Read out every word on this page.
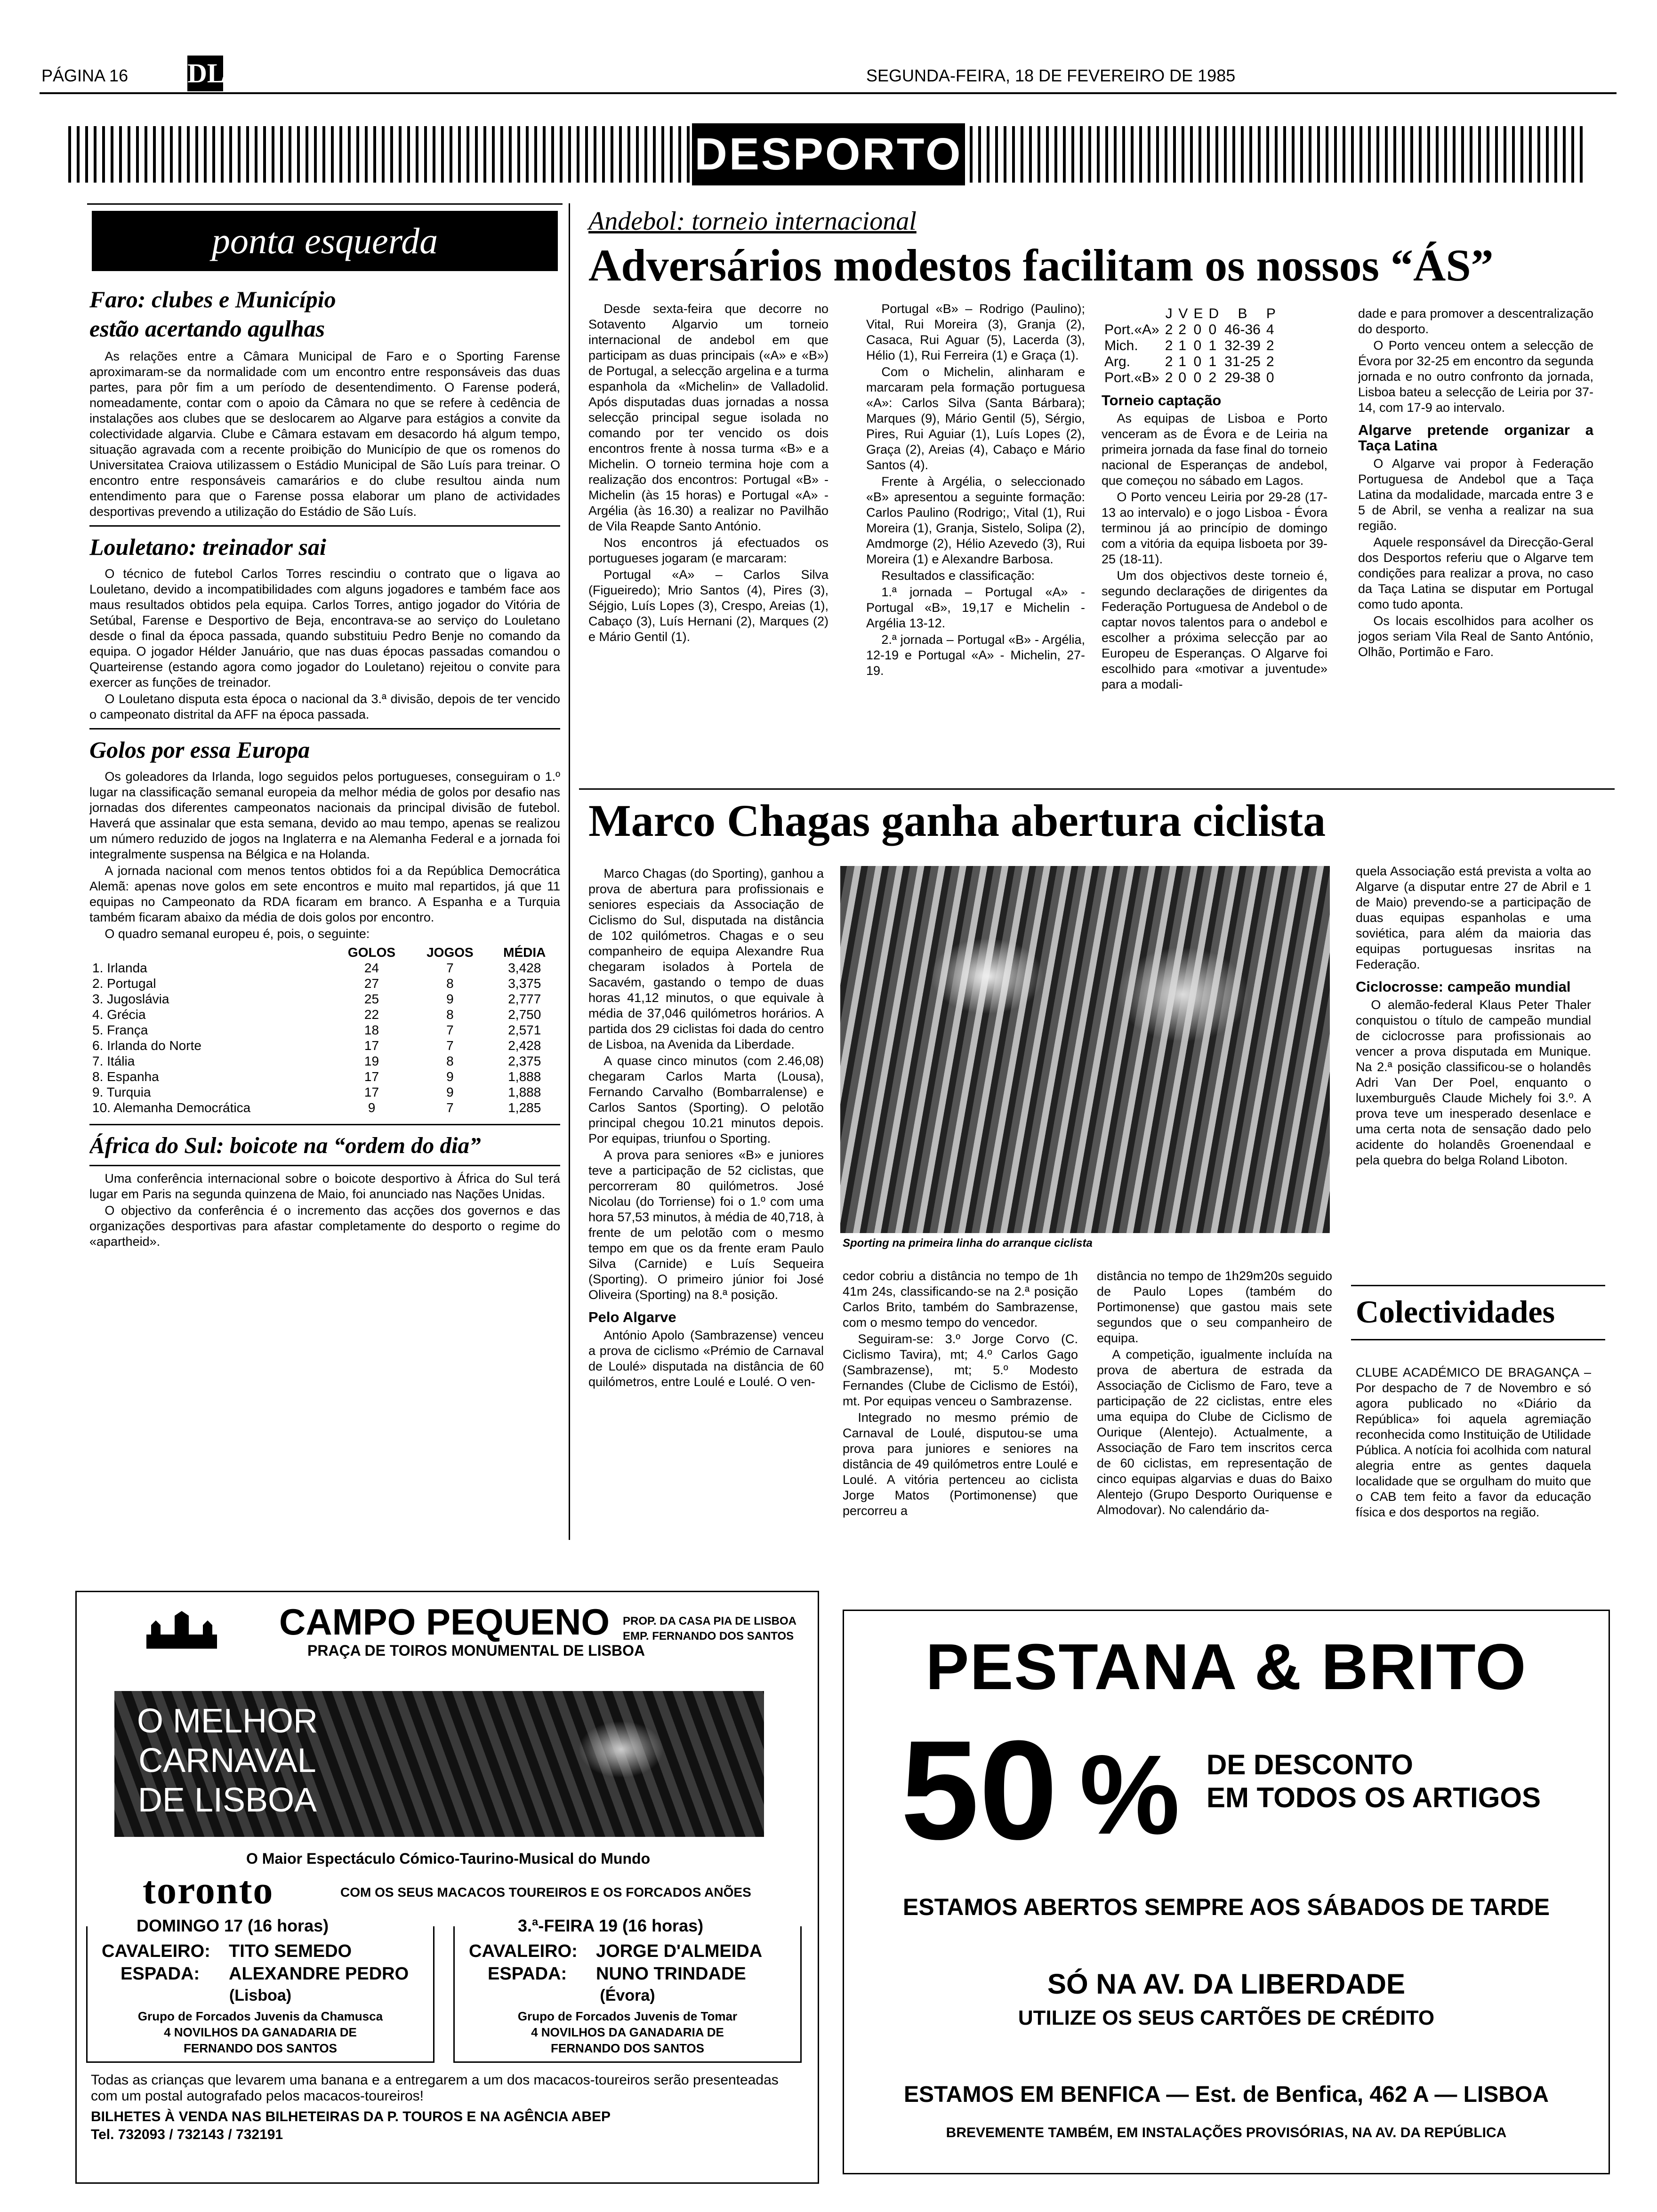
PÁGINA 16 DL	SEGUNDA-FEIRA, 18 DE FEVEREIRO DE 1985
DESPORTO
ponta esquerda
Faro: clubes e Município
estão acertando agulhas

As relações entre a Câmara Municipal de Faro e o Sporting Farense aproximaram-se da normalidade com um encontro entre responsáveis das duas partes, para pôr fim a um período de desentendimento. O Farense poderá, nomeadamente, contar com o apoio da Câmara no que se refere à cedência de instalações aos clubes que se deslocarem ao Algarve para estágios a convite da colectividade algarvia. Clube e Câmara estavam em desacordo há algum tempo, situação agravada com a recente proibição do Município de que os romenos do Universitatea Craiova utilizassem o Estádio Municipal de São Luís para treinar. O encontro entre responsáveis camarários e do clube resultou ainda num entendimento para que o Farense possa elaborar um plano de actividades desportivas prevendo a utilização do Estádio de São Luís.

Louletano: treinador sai

O técnico de futebol Carlos Torres rescindiu o contrato que o ligava ao Louletano, devido a incompatibilidades com alguns jogadores e também face aos maus resultados obtidos pela equipa. Carlos Torres, antigo jogador do Vitória de Setúbal, Farense e Desportivo de Beja, encontrava-se ao serviço do Louletano desde o final da época passada, quando substituiu Pedro Benje no comando da equipa. O jogador Hélder Januário, que nas duas épocas passadas comandou o Quarteirense (estando agora como jogador do Louletano) rejeitou o convite para exercer as funções de treinador.

O Louletano disputa esta época o nacional da 3.ª divisão, depois de ter vencido o campeonato distrital da AFF na época passada.

Golos por essa Europa

Os goleadores da Irlanda, logo seguidos pelos portugueses, conseguiram o 1.º lugar na classificação semanal europeia da melhor média de golos por desafio nas jornadas dos diferentes campeonatos nacionais da principal divisão de futebol. Haverá que assinalar que esta semana, devido ao mau tempo, apenas se realizou um número reduzido de jogos na Inglaterra e na Alemanha Federal e a jornada foi integralmente suspensa na Bélgica e na Holanda.

A jornada nacional com menos tentos obtidos foi a da República Democrática Alemã: apenas nove golos em sete encontros e muito mal repartidos, já que 11 equipas no Campeonato da RDA ficaram em branco. A Espanha e a Turquia também ficaram abaixo da média de dois golos por encontro.

O quadro semanal europeu é, pois, o seguinte:

	GOLOS	JOGOS	MÉDIA
1. Irlanda	24	7	3,428
2. Portugal	27	8	3,375
3. Jugoslávia	25	9	2,777
4. Grécia	22	8	2,750
5. França	18	7	2,571
6. Irlanda do Norte	17	7	2,428
7. Itália	19	8	2,375
8. Espanha	17	9	1,888
9. Turquia	17	9	1,888
10. Alemanha Democrática	9	7	1,285
África do Sul: boicote na “ordem do dia”

Uma conferência internacional sobre o boicote desportivo à África do Sul terá lugar em Paris na segunda quinzena de Maio, foi anunciado nas Nações Unidas.

O objectivo da conferência é o incremento das acções dos governos e das organizações desportivas para afastar completamente do desporto o regime do «apartheid».

Andebol: torneio internacional
Adversários modestos facilitam os nossos “ÁS”

Desde sexta-feira que decorre no Sotavento Algarvio um torneio internacional de andebol em que participam as duas principais («A» e «B») de Portugal, a selecção argelina e a turma espanhola da «Michelin» de Valladolid. Após disputadas duas jornadas a nossa selecção principal segue isolada no comando por ter vencido os dois encontros frente à nossa turma «B» e a Michelin. O torneio termina hoje com a realização dos encontros: Portugal «B» - Michelin (às 15 horas) e Portugal «A» - Argélia (às 16.30) a realizar no Pavilhão de Vila Reapde Santo António.

Nos encontros já efectuados os portugueses jogaram (e marcaram:

Portugal «A» – Carlos Silva (Figueiredo); Mrio Santos (4), Pires (3), Séjgio, Luís Lopes (3), Crespo, Areias (1), Cabaço (3), Luís Hernani (2), Marques (2) e Mário Gentil (1).

Portugal «B» – Rodrigo (Paulino); Vital, Rui Moreira (3), Granja (2), Casaca, Rui Aguar (5), Lacerda (3), Hélio (1), Rui Ferreira (1) e Graça (1).

Com o Michelin, alinharam e marcaram pela formação portuguesa «A»: Carlos Silva (Santa Bárbara); Marques (9), Mário Gentil (5), Sérgio, Pires, Rui Aguiar (1), Luís Lopes (2), Graça (2), Areias (4), Cabaço e Mário Santos (4).

Frente à Argélia, o seleccionado «B» apresentou a seguinte formação: Carlos Paulino (Rodrigo;, Vital (1), Rui Moreira (1), Granja, Sistelo, Solipa (2), Amdmorge (2), Hélio Azevedo (3), Rui Moreira (1) e Alexandre Barbosa.

Resultados e classificação:

1.ª jornada – Portugal «A» - Portugal «B», 19,17 e Michelin - Argélia 13-12.

2.ª jornada – Portugal «B» - Argélia, 12-19 e Portugal «A» - Michelin, 27-19.

	J	V	E	D	B	P
Port.«A»	2	2	0	0	46-36	4
Mich.	2	1	0	1	32-39	2
Arg.	2	1	0	1	31-25	2
Port.«B»	2	0	0	2	29-38	0
Torneio captação

As equipas de Lisboa e Porto venceram as de Évora e de Leiria na primeira jornada da fase final do torneio nacional de Esperanças de andebol, que começou no sábado em Lagos.

O Porto venceu Leiria por 29-28 (17-13 ao intervalo) e o jogo Lisboa - Évora terminou já ao princípio de domingo com a vitória da equipa lisboeta por 39-25 (18-11).

Um dos objectivos deste torneio é, segundo declarações de dirigentes da Federação Portuguesa de Andebol o de captar novos talentos para o andebol e escolher a próxima selecção par ao Europeu de Esperanças. O Algarve foi escolhido para «motivar a juventude» para a modali-

dade e para promover a descentralização do desporto.

O Porto venceu ontem a selecção de Évora por 32-25 em encontro da segunda jornada e no outro confronto da jornada, Lisboa bateu a selecção de Leiria por 37-14, com 17-9 ao intervalo.

Algarve pretende organizar a Taça Latina

O Algarve vai propor à Federação Portuguesa de Andebol que a Taça Latina da modalidade, marcada entre 3 e 5 de Abril, se venha a realizar na sua região.

Aquele responsável da Direcção-Geral dos Desportos referiu que o Algarve tem condições para realizar a prova, no caso da Taça Latina se disputar em Portugal como tudo aponta.

Os locais escolhidos para acolher os jogos seriam Vila Real de Santo António, Olhão, Portimão e Faro.

Marco Chagas ganha abertura ciclista

Marco Chagas (do Sporting), ganhou a prova de abertura para profissionais e seniores especiais da Associação de Ciclismo do Sul, disputada na distância de 102 quilómetros. Chagas e o seu companheiro de equipa Alexandre Rua chegaram isolados à Portela de Sacavém, gastando o tempo de duas horas 41,12 minutos, o que equivale à média de 37,046 quilómetros horários. A partida dos 29 ciclistas foi dada do centro de Lisboa, na Avenida da Liberdade.

A quase cinco minutos (com 2.46,08) chegaram Carlos Marta (Lousa), Fernando Carvalho (Bombarralense) e Carlos Santos (Sporting). O pelotão principal chegou 10.21 minutos depois. Por equipas, triunfou o Sporting.

A prova para seniores «B» e juniores teve a participação de 52 ciclistas, que percorreram 80 quilómetros. José Nicolau (do Torriense) foi o 1.º com uma hora 57,53 minutos, à média de 40,718, à frente de um pelotão com o mesmo tempo em que os da frente eram Paulo Silva (Carnide) e Luís Sequeira (Sporting). O primeiro júnior foi José Oliveira (Sporting) na 8.ª posição.

Pelo Algarve

António Apolo (Sambrazense) venceu a prova de ciclismo «Prémio de Carnaval de Loulé» disputada na distância de 60 quilómetros, entre Loulé e Loulé. O ven-

Sporting na primeira linha do arranque ciclista

cedor cobriu a distância no tempo de 1h 41m 24s, classificando-se na 2.ª posição Carlos Brito, também do Sambrazense, com o mesmo tempo do vencedor.

Seguiram-se: 3.º Jorge Corvo (C. Ciclismo Tavira), mt; 4.º Carlos Gago (Sambrazense), mt; 5.º Modesto Fernandes (Clube de Ciclismo de Estói), mt. Por equipas venceu o Sambrazense.

Integrado no mesmo prémio de Carnaval de Loulé, disputou-se uma prova para juniores e seniores na distância de 49 quilómetros entre Loulé e Loulé. A vitória pertenceu ao ciclista Jorge Matos (Portimonense) que percorreu a

distância no tempo de 1h29m20s seguido de Paulo Lopes (também do Portimonense) que gastou mais sete segundos que o seu companheiro de equipa.

A competição, igualmente incluída na prova de abertura de estrada da Associação de Ciclismo de Faro, teve a participação de 22 ciclistas, entre eles uma equipa do Clube de Ciclismo de Ourique (Alentejo). Actualmente, a Associação de Faro tem inscritos cerca de 60 ciclistas, em representação de cinco equipas algarvias e duas do Baixo Alentejo (Grupo Desporto Ouriquense e Almodovar). No calendário da-

quela Associação está prevista a volta ao Algarve (a disputar entre 27 de Abril e 1 de Maio) prevendo-se a participação de duas equipas espanholas e uma soviética, para além da maioria das equipas portuguesas insritas na Federação.

Ciclocrosse: campeão mundial

O alemão-federal Klaus Peter Thaler conquistou o título de campeão mundial de ciclocrosse para profissionais ao vencer a prova disputada em Munique. Na 2.ª posição classificou-se o holandês Adri Van Der Poel, enquanto o luxemburguês Claude Michely foi 3.º. A prova teve um inesperado desenlace e uma certa nota de sensação dado pelo acidente do holandês Groenendaal e pela quebra do belga Roland Liboton.

Colectividades

CLUBE ACADÉMICO DE BRAGANÇA – Por despacho de 7 de Novembro e só agora publicado no «Diário da República» foi aquela agremiação reconhecida como Instituição de Utilidade Pública. A notícia foi acolhida com natural alegria entre as gentes daquela localidade que se orgulham do muito que o CAB tem feito a favor da educação física e dos desportos na região.

CAMPO PEQUENO
PRAÇA DE TOIROS MONUMENTAL DE LISBOA
PROP. DA CASA PIA DE LISBOA
EMP. FERNANDO DOS SANTOS
O MELHOR
CARNAVAL
DE LISBOA
O Maior Espectáculo Cómico-Taurino-Musical do Mundo
toronto	COM OS SEUS MACACOS TOUREIROS E OS FORCADOS ANÕES
DOMINGO 17 (16 horas)
CAVALEIRO: TITO SEMEDO
ESPADA: ALEXANDRE PEDRO
(Lisboa)
Grupo de Forcados Juvenis da Chamusca
4 NOVILHOS DA GANADARIA DE
FERNANDO DOS SANTOS
3.ª-FEIRA 19 (16 horas)
CAVALEIRO: JORGE D'ALMEIDA
ESPADA: NUNO TRINDADE
(Évora)
Grupo de Forcados Juvenis de Tomar
4 NOVILHOS DA GANADARIA DE
FERNANDO DOS SANTOS
Todas as crianças que levarem uma banana e a entregarem a um dos macacos-toureiros serão presenteadas com um postal autografado pelos macacos-toureiros!
BILHETES À VENDA NAS BILHETEIRAS DA P. TOUROS E NA AGÊNCIA ABEP
Tel. 732093 / 732143 / 732191
PESTANA & BRITO
50 % DE DESCONTO
EM TODOS OS ARTIGOS
ESTAMOS ABERTOS SEMPRE AOS SÁBADOS DE TARDE
SÓ NA AV. DA LIBERDADE
UTILIZE OS SEUS CARTÕES DE CRÉDITO
ESTAMOS EM BENFICA — Est. de Benfica, 462 A — LISBOA
BREVEMENTE TAMBÉM, EM INSTALAÇÕES PROVISÓRIAS, NA AV. DA REPÚBLICA
